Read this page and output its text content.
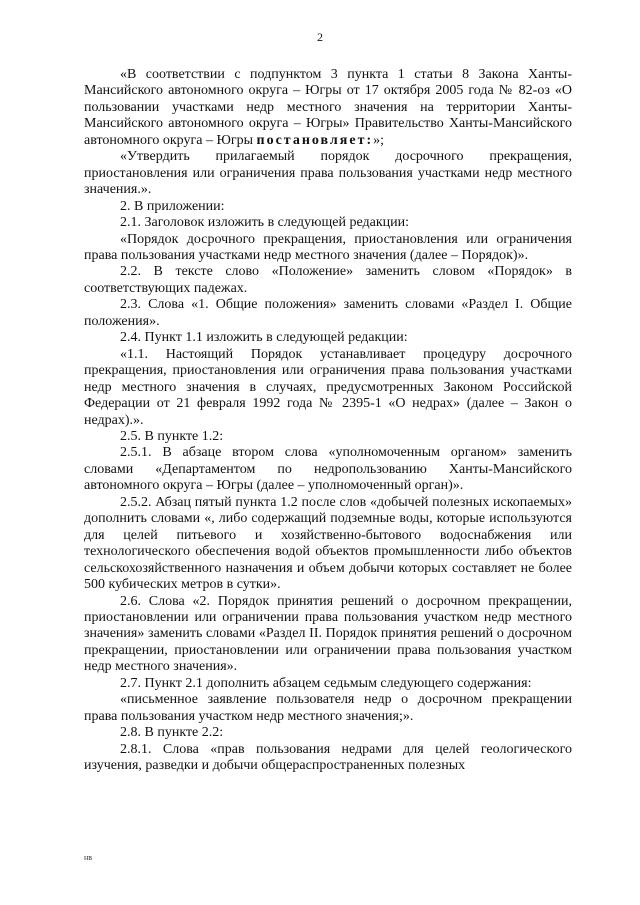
2

«В соответствии с подпунктом 3 пункта 1 статьи 8 Закона Ханты-Мансийского автономного округа – Югры от 17 октября 2005 года № 82-оз «О пользовании участками недр местного значения на территории Ханты-Мансийского автономного округа – Югры» Правительство Ханты-Мансийского автономного округа – Югры постановляет:»;

«Утвердить прилагаемый порядок досрочного прекращения, приостановления или ограничения права пользования участками недр местного значения.».

2. В приложении:

2.1. Заголовок изложить в следующей редакции:

«Порядок досрочного прекращения, приостановления или ограничения права пользования участками недр местного значения (далее – Порядок)».

2.2. В тексте слово «Положение» заменить словом «Порядок» в соответствующих падежах.

2.3. Слова «1. Общие положения» заменить словами «Раздел I. Общие положения».

2.4. Пункт 1.1 изложить в следующей редакции:

«1.1. Настоящий Порядок устанавливает процедуру досрочного прекращения, приостановления или ограничения права пользования участками недр местного значения в случаях, предусмотренных Законом Российской Федерации от 21 февраля 1992 года № 2395-1 «О недрах» (далее – Закон о недрах).».

2.5. В пункте 1.2:

2.5.1. В абзаце втором слова «уполномоченным органом» заменить словами «Департаментом по недропользованию Ханты-Мансийского автономного округа – Югры (далее – уполномоченный орган)».

2.5.2. Абзац пятый пункта 1.2 после слов «добычей полезных ископаемых» дополнить словами «, либо содержащий подземные воды, которые используются для целей питьевого и хозяйственно-бытового водоснабжения или технологического обеспечения водой объектов промышленности либо объектов сельскохозяйственного назначения и объем добычи которых составляет не более 500 кубических метров в сутки».

2.6. Слова «2. Порядок принятия решений о досрочном прекращении, приостановлении или ограничении права пользования участком недр местного значения» заменить словами «Раздел II. Порядок принятия решений о досрочном прекращении, приостановлении или ограничении права пользования участком недр местного значения».

2.7. Пункт 2.1 дополнить абзацем седьмым следующего содержания:

«письменное заявление пользователя недр о досрочном прекращении права пользования участком недр местного значения;».

2.8. В пункте 2.2:

2.8.1. Слова «прав пользования недрами для целей геологического изучения, разведки и добычи общераспространенных полезных

нв
